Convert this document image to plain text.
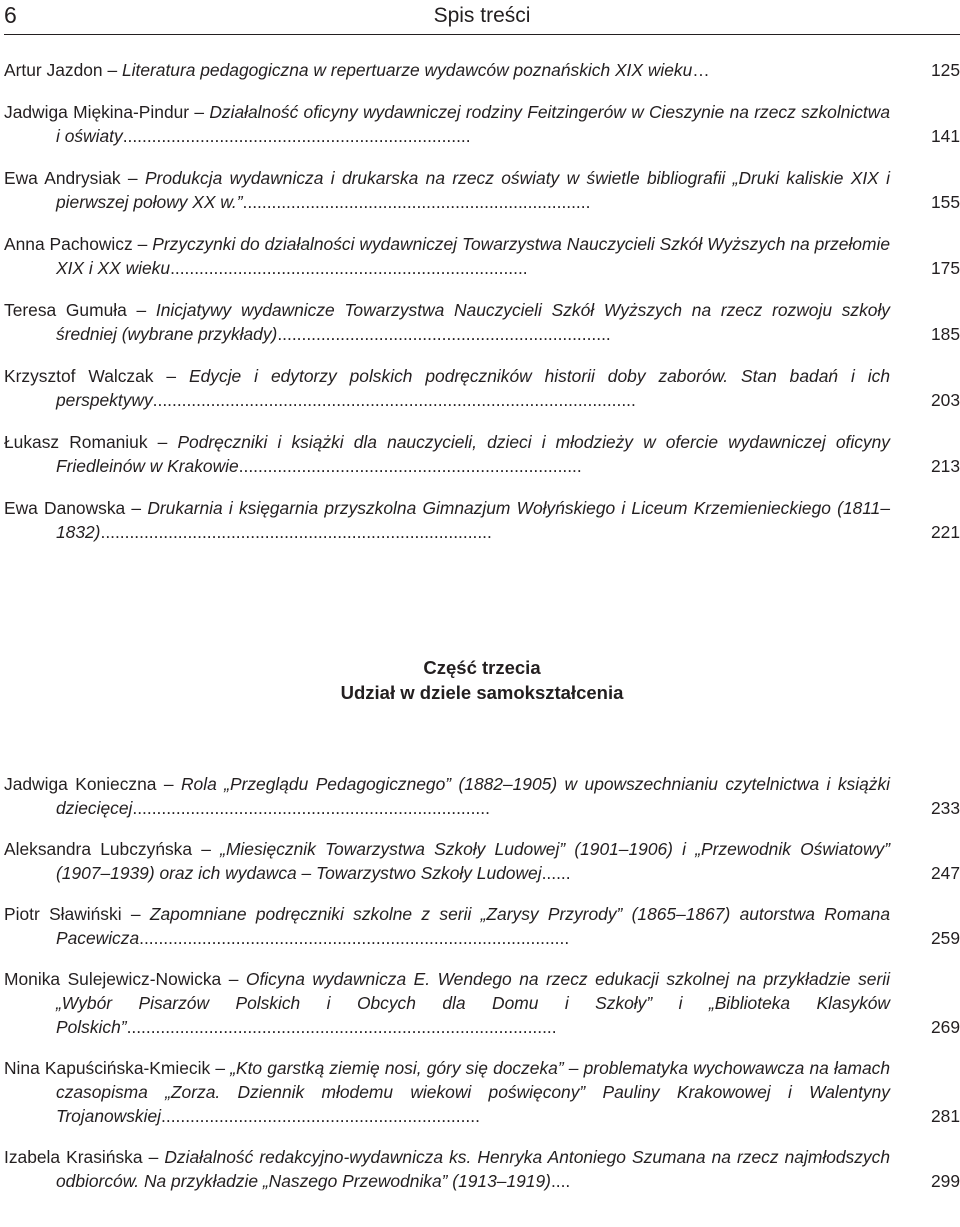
6	Spis treści
Artur Jazdon – Literatura pedagogiczna w repertuarze wydawców poznańskich XIX wieku…	125
Jadwiga Miękina-Pindur – Działalność oficyny wydawniczej rodziny Feitzingerów w Cieszynie na rzecz szkolnictwa i oświaty........................................................................	141
Ewa Andrysiak – Produkcja wydawnicza i drukarska na rzecz oświaty w świetle bibliografii „Druki kaliskie XIX i pierwszej połowy XX w.”........................................................................	155
Anna Pachowicz – Przyczynki do działalności wydawniczej Towarzystwa Nauczycieli Szkół Wyższych na przełomie XIX i XX wieku..........................................................................	175
Teresa Gumuła – Inicjatywy wydawnicze Towarzystwa Nauczycieli Szkół Wyższych na rzecz rozwoju szkoły średniej (wybrane przykłady).....................................................................	185
Krzysztof Walczak – Edycje i edytorzy polskich podręczników historii doby zaborów. Stan badań i ich perspektywy....................................................................................................	203
Łukasz Romaniuk – Podręczniki i książki dla nauczycieli, dzieci i młodzieży w ofercie wydawniczej oficyny Friedleinów w Krakowie.......................................................................	213
Ewa Danowska – Drukarnia i księgarnia przyszkolna Gimnazjum Wołyńskiego i Liceum Krzemienieckiego (1811–1832).................................................................................	221
Część trzecia
Udział w dziele samokształcenia
Jadwiga Konieczna – Rola „Przeglądu Pedagogicznego” (1882–1905) w upowszechnianiu czytelnictwa i książki dziecięcej..........................................................................	233
Aleksandra Lubczyńska – „Miesięcznik Towarzystwa Szkoły Ludowej” (1901–1906) i „Przewodnik Oświatowy” (1907–1939) oraz ich wydawca – Towarzystwo Szkoły Ludowej......	247
Piotr Sławiński – Zapomniane podręczniki szkolne z serii „Zarysy Przyrody” (1865–1867) autorstwa Romana Pacewicza.........................................................................................	259
Monika Sulejewicz-Nowicka – Oficyna wydawnicza E. Wendego na rzecz edukacji szkolnej na przykładzie serii „Wybór Pisarzów Polskich i Obcych dla Domu i Szkoły” i „Biblioteka Klasyków Polskich”.........................................................................................	269
Nina Kapuścińska-Kmiecik – „Kto garstką ziemię nosi, góry się doczeka” – problematyka wychowawcza na łamach czasopisma „Zorza. Dziennik młodemu wiekowi poświęcony” Pauliny Krakowowej i Walentyny Trojanowskiej..................................................................	281
Izabela Krasińska – Działalność redakcyjno-wydawnicza ks. Henryka Antoniego Szumana na rzecz najmłodszych odbiorców. Na przykładzie „Naszego Przewodnika” (1913–1919)....	299
